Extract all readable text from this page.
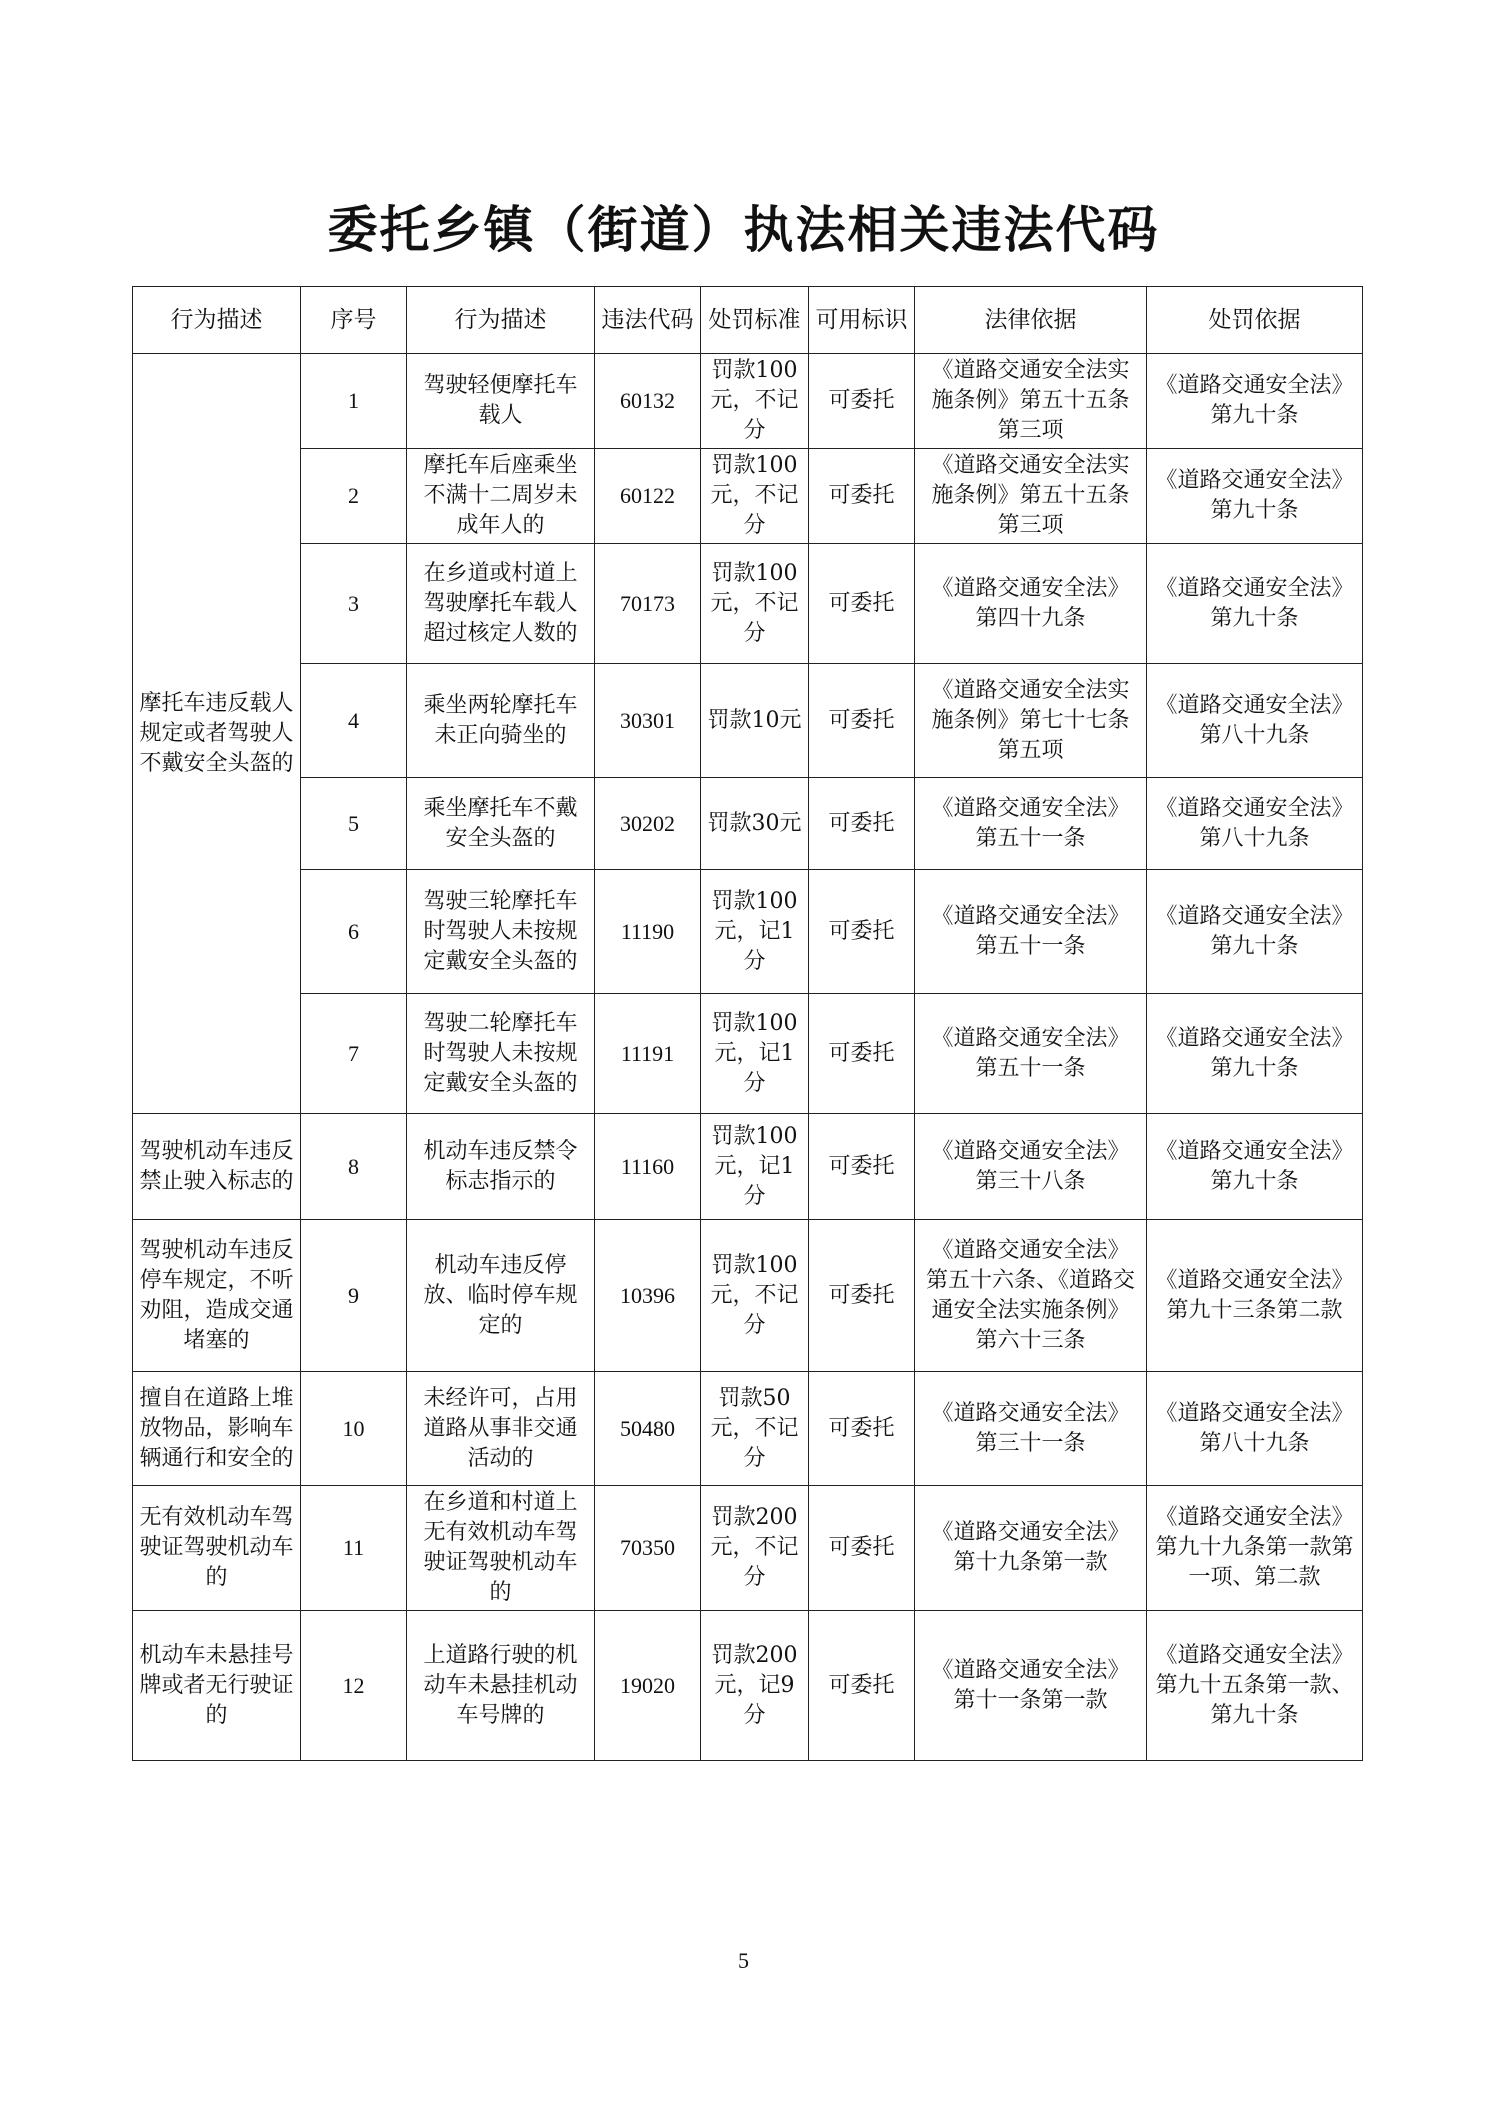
委托乡镇（街道）执法相关违法代码
行为描述	序号	行为描述	违法代码	处罚标准	可用标识	法律依据	处罚依据
摩托车违反载人规定或者驾驶人不戴安全头盔的	1	驾驶轻便摩托车载人	60132	罚款100元，不记分	可委托	《道路交通安全法实施条例》第五十五条第三项	《道路交通安全法》第九十条
	2	摩托车后座乘坐不满十二周岁未成年人的	60122	罚款100元，不记分	可委托	《道路交通安全法实施条例》第五十五条第三项	《道路交通安全法》第九十条
	3	在乡道或村道上驾驶摩托车载人超过核定人数的	70173	罚款100元，不记分	可委托	《道路交通安全法》第四十九条	《道路交通安全法》第九十条
	4	乘坐两轮摩托车未正向骑坐的	30301	罚款10元	可委托	《道路交通安全法实施条例》第七十七条第五项	《道路交通安全法》第八十九条
	5	乘坐摩托车不戴安全头盔的	30202	罚款30元	可委托	《道路交通安全法》第五十一条	《道路交通安全法》第八十九条
	6	驾驶三轮摩托车时驾驶人未按规定戴安全头盔的	11190	罚款100元，记1分	可委托	《道路交通安全法》第五十一条	《道路交通安全法》第九十条
	7	驾驶二轮摩托车时驾驶人未按规定戴安全头盔的	11191	罚款100元，记1分	可委托	《道路交通安全法》第五十一条	《道路交通安全法》第九十条
驾驶机动车违反禁止驶入标志的	8	机动车违反禁令标志指示的	11160	罚款100元，记1分	可委托	《道路交通安全法》第三十八条	《道路交通安全法》第九十条
驾驶机动车违反停车规定，不听劝阻，造成交通堵塞的	9	机动车违反停放、临时停车规定的	10396	罚款100元，不记分	可委托	《道路交通安全法》第五十六条、《道路交通安全法实施条例》第六十三条	《道路交通安全法》第九十三条第二款
擅自在道路上堆放物品，影响车辆通行和安全的	10	未经许可，占用道路从事非交通活动的	50480	罚款50元，不记分	可委托	《道路交通安全法》第三十一条	《道路交通安全法》第八十九条
无有效机动车驾驶证驾驶机动车的	11	在乡道和村道上无有效机动车驾驶证驾驶机动车的	70350	罚款200元，不记分	可委托	《道路交通安全法》第十九条第一款	《道路交通安全法》第九十九条第一款第一项、第二款
机动车未悬挂号牌或者无行驶证的	12	上道路行驶的机动车未悬挂机动车号牌的	19020	罚款200元，记9分	可委托	《道路交通安全法》第十一条第一款	《道路交通安全法》第九十五条第一款、第九十条
5
